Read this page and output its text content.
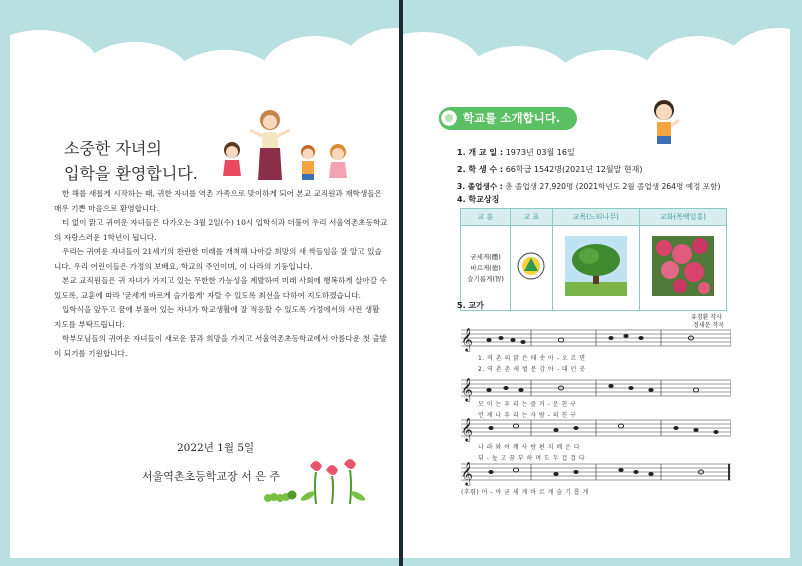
소중한 자녀의
입학을 환영합니다.

한 해를 새롭게 시작하는 때, 귀한 자녀를 역촌 가족으로 맞이하게 되어 본교 교직원과 재학생들은 매우 기쁜 마음으로 환영합니다.

티 없이 맑고 귀여운 자녀들은 다가오는 3월 2일(수) 10시 입학식과 더불어 우리 서울역촌초등학교의 자랑스러운 1학년이 됩니다.

우리는 귀여운 자녀들이 21세기의 찬란한 미래를 개척해 나아갈 희망의 새 싹들임을 잘 알고 있습니다. 우리 어린이들은 가정의 보배요, 학교의 주인이며, 이 나라의 기둥입니다.

본교 교직원들은 귀 자녀가 가지고 있는 무한한 가능성을 계발하여 미래 사회에 행복하게 살아갈 수 있도록, 교훈에 따라 '굳세게 바르게 슬기롭게' 자랄 수 있도록 최선을 다하여 지도하겠습니다.

입학식을 앞두고 꿈에 부풀어 있는 자녀가 학교생활에 잘 적응할 수 있도록 가정에서의 사전 생활 지도를 부탁드립니다.

학부모님들의 귀여운 자녀들이 새로운 꿈과 희망을 가지고 서울역촌초등학교에서 아름다운 첫 출발이 되기를 기원합니다.

2022년 1월 5일
서울역촌초등학교장 서 은 주
학교를 소개합니다.
1. 개 교 일 : 1973년 03월 16일
2. 학 생 수 : 66학급 1542명(2021년 12월말 현재)
3. 졸업생수 : 총 졸업생 27,920명 (2021학년도 2월 졸업생 264명 예정 포함)
4. 학교상징
교 훈	교 표	교목(느티나무)	교화(목백일홍)

굳세게(體)
바르게(德)
슬기롭게(智)

5. 교가
유경환 작사
정세문 작곡
𝄞
𝄞
𝄞
𝄞
1. 역 촌 의 맑 은 태 솟 아 - 오 르 면
2. 역 촌 촌 새 벌 문 감 아 - 대 던 곳
모 이 는 우 리 는 즐 거 - 운 친 구
언 제 나 우 리 는 자 람 - 의 친 구
나 라 와 어 깨 사 랑 편 지 배 운 다
뒤 - 높 고 꿈 부 하 며 도 두 겁 겁 다
(후렴) 어 - 아 굳 세 게 바 르 게 슬 기 롭 게
